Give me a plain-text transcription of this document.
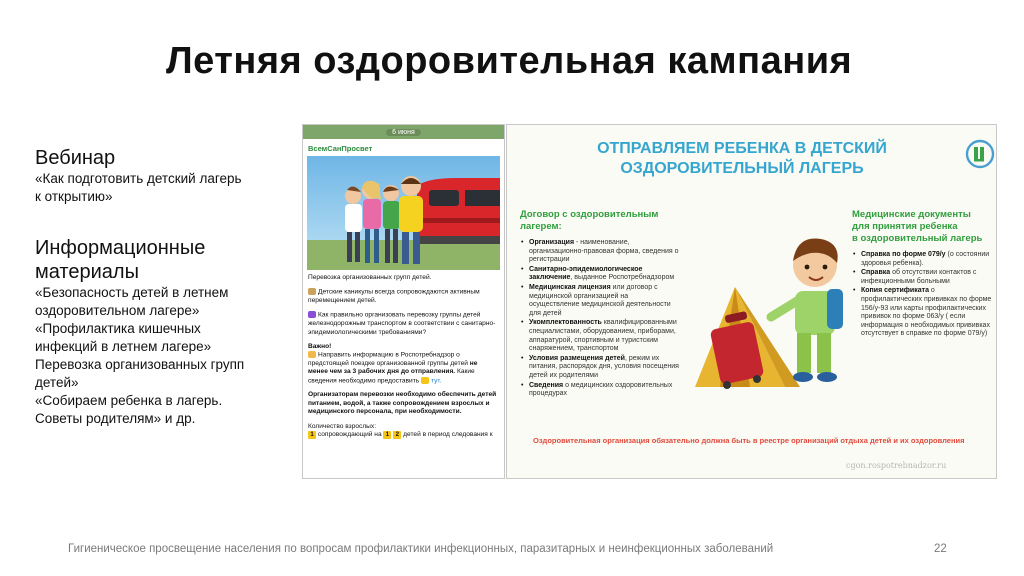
Летняя оздоровительная кампания
Вебинар
«Как подготовить детский лагерь
к открытию»
Информационные
материалы
«Безопасность детей в летнем
оздоровительном лагере»
«Профилактика кишечных
инфекций в летнем лагере»
Перевозка организованных групп
детей»
«Собираем ребенка в лагерь.
Советы родителям» и др.
6 июня
ВсемСанПросвет

Перевозка организованных групп детей.

Детские каникулы всегда сопровождаются активным перемещением детей.

Как правильно организовать перевозку группы детей железнодорожным транспортом в соответствии с санитарно-эпидемиологическими требованиями?

Важно!
Направить информацию в Роспотребнадзор о предстоящей поездке организованной группы детей не менее чем за 3 рабочих дня до отправления. Какие сведения необходимо предоставить тут.

Организаторам перевозки необходимо обеспечить детей питанием, водой, а также сопровождением взрослых и медицинского персонала, при необходимости.

Количество взрослых:
1 сопровождающий на 1 2 детей в период следования к

ОТПРАВЛЯЕМ РЕБЕНКА В ДЕТСКИЙ
ОЗДОРОВИТЕЛЬНЫЙ ЛАГЕРЬ
Договор с оздоровительным
лагерем:
• Организация - наименование, организационно-правовая форма, сведения о регистрации
• Санитарно-эпидемиологическое заключение, выданное Роспотребнадзором
• Медицинская лицензия или договор с медицинской организацией на осуществление медицинской деятельности для детей
• Укомплектованность квалифицированными специалистами, оборудованием, приборами, аппаратурой, спортивным и туристским снаряжением, транспортом
• Условия размещения детей, режим их питания, распорядок дня, условия посещения детей их родителями
• Сведения о медицинских оздоровительных процедурах
Медицинские документы
для принятия ребенка
в оздоровительный лагерь
• Справка по форме 079/у (о состоянии здоровья ребенка).
• Справка об отсутствии контактов с инфекционными больными
• Копия сертификата о профилактических прививках по форме 156/у-93 или карты профилактических прививок по форме 063/у ( если информация о необходимых прививках отсутствует в справке по форме 079/у)
Оздоровительная организация обязательно должна быть в реестре организаций отдыха детей и их оздоровления
cgon.rospotrebnadzor.ru
Гигиеническое просвещение населения по вопросам профилактики инфекционных, паразитарных и неинфекционных заболеваний	22
